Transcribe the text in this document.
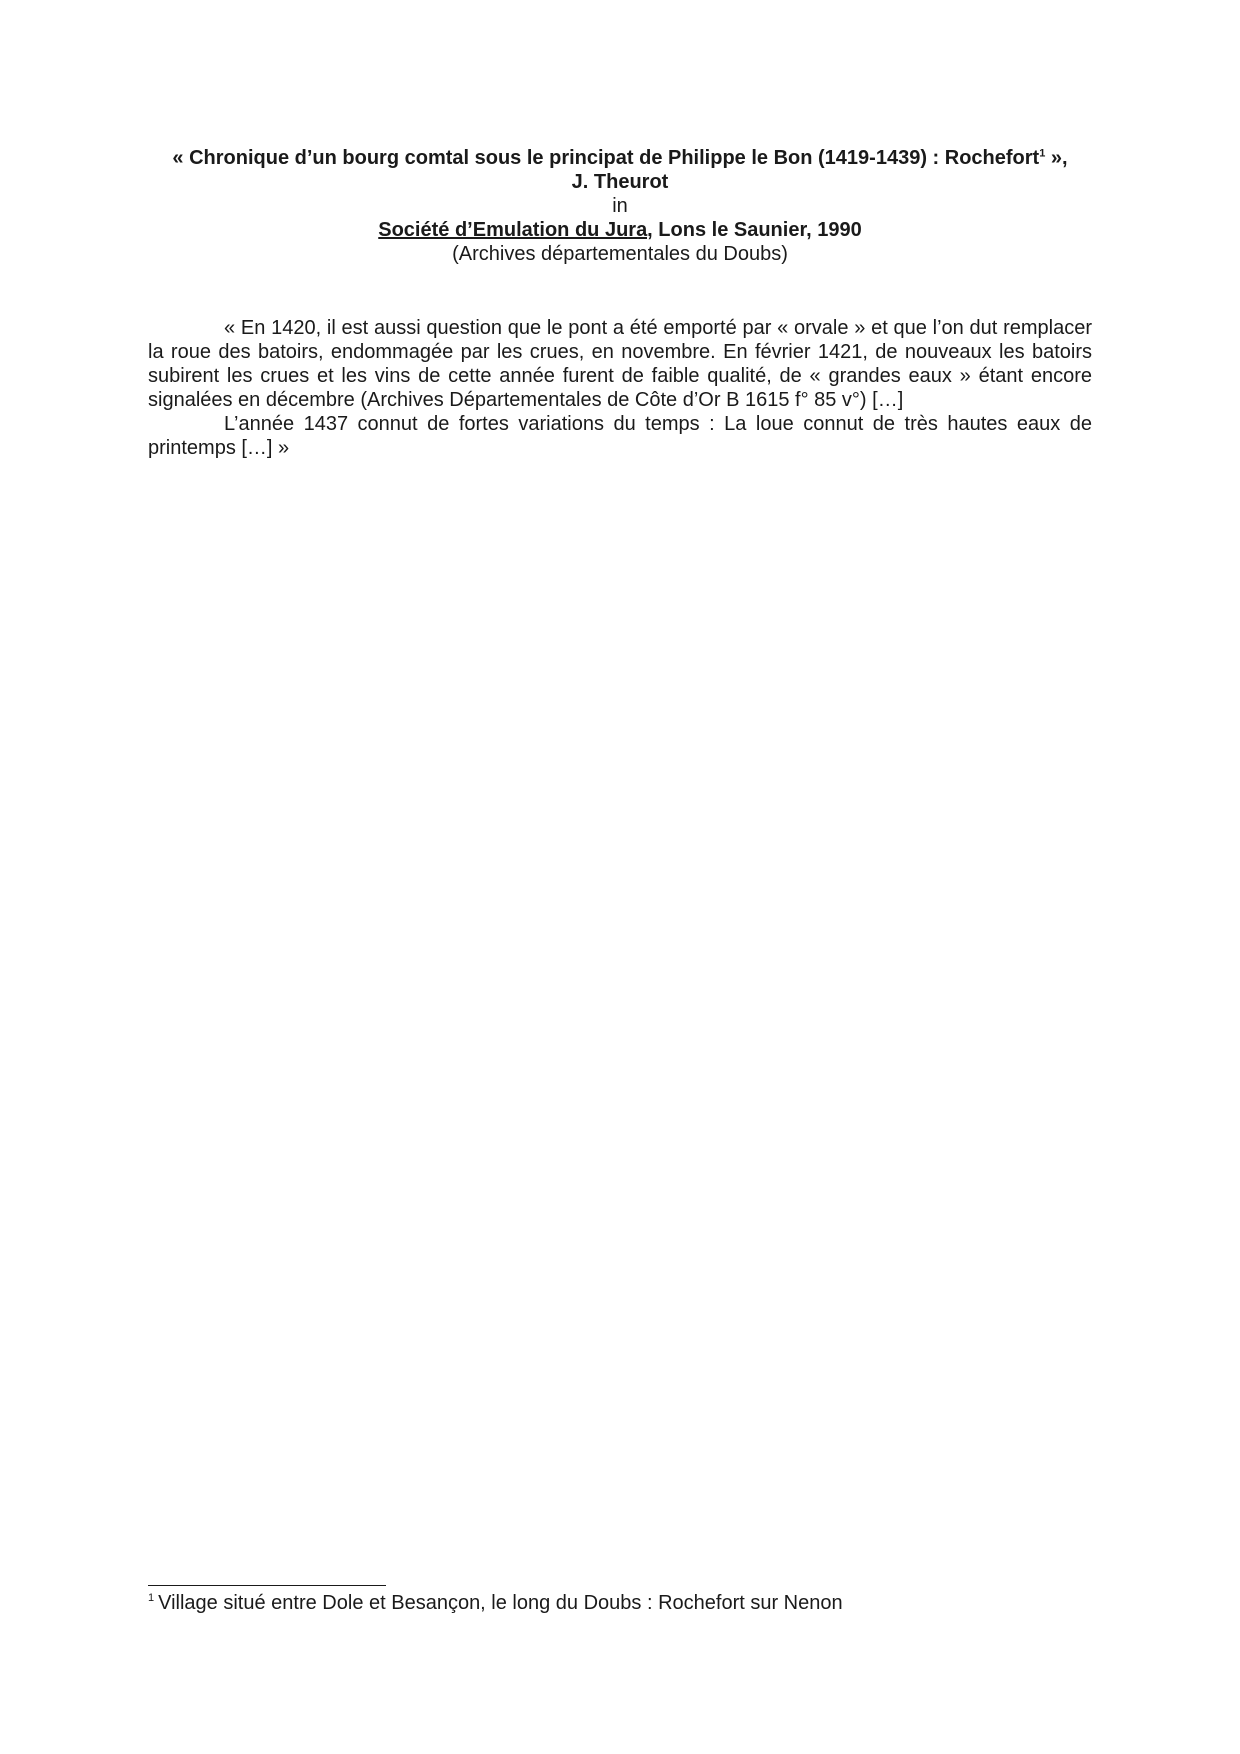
« Chronique d’un bourg comtal sous le principat de Philippe le Bon (1419-1439) : Rochefort$^1$ »,
J. Theurot
in
Société d’Emulation du Jura, Lons le Saunier, 1990
(Archives départementales du Doubs)

« En 1420, il est aussi question que le pont a été emporté par « orvale » et que l’on dut remplacer la roue des batoirs, endommagée par les crues, en novembre. En février 1421, de nouveaux les batoirs subirent les crues et les vins de cette année furent de faible qualité, de « grandes eaux » étant encore signalées en décembre (Archives Départementales de Côte d’Or B 1615 f° 85 v°) […]

L’année 1437 connut de fortes variations du temps : La loue connut de très hautes eaux de printemps […] »

$^1$ Village situé entre Dole et Besançon, le long du Doubs : Rochefort sur Nenon
